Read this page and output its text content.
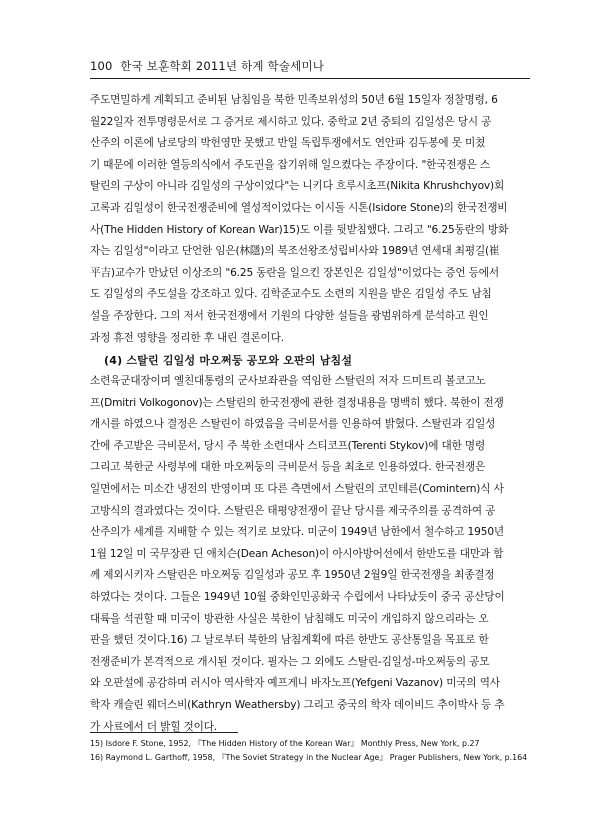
100 한국 보훈학회 2011년 하계 학술세미나
주도면밀하게 계획되고 준비된 남침임을 북한 민족보위성의 50년 6월 15일자 정찰명령, 6
월22일자 전투명령문서로 그 증거로 제시하고 있다. 중학교 2년 중퇴의 김일성은 당시 공
산주의 이론에 남로당의 박헌영만 못했고 반일 독립투쟁에서도 연안파 김두봉에 못 미쳤
기 때문에 이러한 열등의식에서 주도권을 잡기위해 일으켰다는 주장이다. "한국전쟁은 스
탈린의 구상이 아니라 김일성의 구상이었다"는 니키다 흐루시초프(Nikita Khrushchyov)회
고록과 김일성이 한국전쟁준비에 열성적이었다는 이시돌 시톤(Isidore Stone)의 한국전쟁비
사(The Hidden History of Korean War)15)도 이를 뒷받침했다. 그리고 "6.25동란의 방화
자는 김일성"이라고 단언한 임은(林隱)의 북조선왕조성립비사와 1989년 연세대 최평길(崔
平吉)교수가 만났던 이상조의 "6.25 동란을 일으킨 장본인은 김일성"이었다는 증언 등에서
도 김일성의 주도설을 강조하고 있다. 김학준교수도 소련의 지원을 받은 김일성 주도 남침
설을 주장한다. 그의 저서 한국전쟁에서 기원의 다양한 설들을 광범위하게 분석하고 원인
과정 휴전 영향을 정리한 후 내린 결론이다.
(4) 스탈린 김일성 마오쩌둥 공모와 오판의 남침설
소련육군대장이며 옐친대통령의 군사보좌관을 역임한 스탈린의 저자 드미트리 볼코고노
프(Dmitri Volkogonov)는 스탈린의 한국전쟁에 관한 결정내용을 명백히 했다. 북한이 전쟁
개시를 하였으나 결정은 스탈린이 하였음을 극비문서를 인용하여 밝혔다. 스탈린과 김일성
간에 주고받은 극비문서, 당시 주 북한 소련대사 스티코프(Terenti Stykov)에 대한 명령
그리고 북한군 사령부에 대한 마오쩌둥의 극비문서 등을 최초로 인용하였다. 한국전쟁은
일면에서는 미소간 냉전의 반영이며 또 다른 측면에서 스탈린의 코민테른(Comintern)식 사
고방식의 결과였다는 것이다. 스탈린은 태평양전쟁이 끝난 당시를 제국주의를 공격하여 공
산주의가 세계를 지배할 수 있는 적기로 보았다. 미군이 1949년 남한에서 철수하고 1950년
1월 12일 미 국무장관 딘 애치슨(Dean Acheson)이 아시아방어선에서 한반도를 대만과 함
께 제외시키자 스탈린은 마오쩌둥 김일성과 공모 후 1950년 2월9일 한국전쟁을 최종결정
하였다는 것이다. 그들은 1949년 10월 중화인민공화국 수립에서 나타났듯이 중국 공산당이
대륙을 석권할 때 미국이 방관한 사실은 북한이 남침해도 미국이 개입하지 않으리라는 오
판을 했던 것이다.16) 그 날로부터 북한의 남침계획에 따른 한반도 공산통일을 목표로 한
전쟁준비가 본격적으로 개시된 것이다. 필자는 그 외에도 스탈린-김일성-마오쩌둥의 공모
와 오판설에 공감하며 러시아 역사학자 예프게니 바자노프(Yefgeni Vazanov) 미국의 역사
학자 캐슬린 웨더스비(Kathryn Weathersby) 그리고 중국의 학자 데이비드 추이박사 등 추
가 사료에서 더 밝힐 것이다.
15) Isdore F. Stone, 1952, 『The Hidden History of the Korean War』 Monthly Press, New York, p.27
16) Raymond L. Garthoff, 1958, 『The Soviet Strategy in the Nuclear Age』 Prager Publishers, New York, p.164
